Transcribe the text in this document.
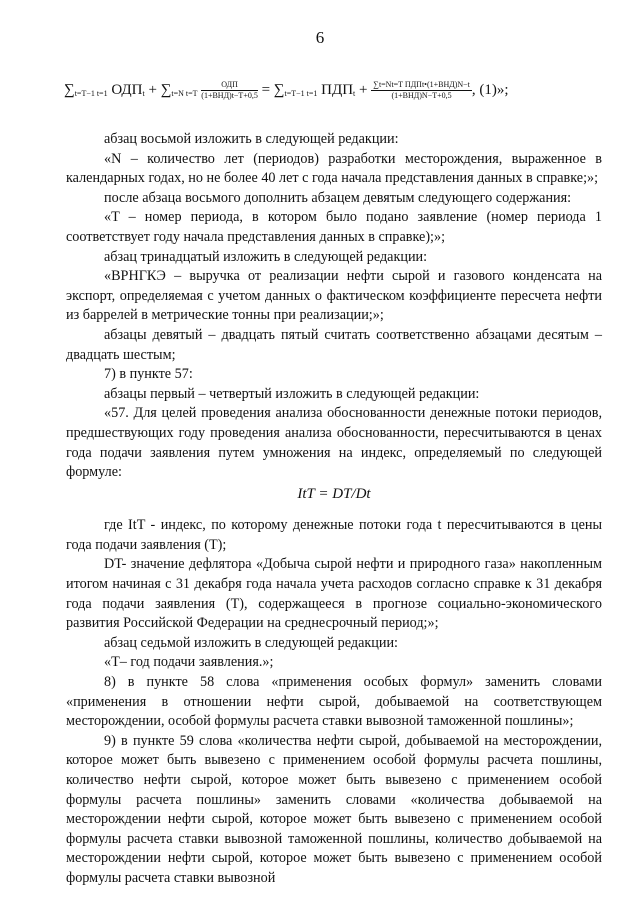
6
∑t=T−1 t=1 ОДПt + ∑t=N $t=T \frac{\text{ОДП}}{\text{(1+ВНД)t−T+0,5}} = \sum t=T-1$ t=1 ПДПt + $\frac{\text{∑t=Nt=T ПДПt•(1+ВНД)N−t}}{\text{(1+ВНД)N−T+0,5}}$ , (1)»;

абзац восьмой изложить в следующей редакции:

«N – количество лет (периодов) разработки месторождения, выраженное в календарных годах, но не более 40 лет с года начала представления данных в справке;»;

после абзаца восьмого дополнить абзацем девятым следующего содержания:

«T – номер периода, в котором было подано заявление (номер периода 1 соответствует году начала представления данных в справке);»;

абзац тринадцатый изложить в следующей редакции:

«ВРНГКЭ – выручка от реализации нефти сырой и газового конденсата на экспорт, определяемая с учетом данных о фактическом коэффициенте пересчета нефти из баррелей в метрические тонны при реализации;»;

абзацы девятый – двадцать пятый считать соответственно абзацами десятым –двадцать шестым;

7) в пункте 57:

абзацы первый – четвертый изложить в следующей редакции:

«57. Для целей проведения анализа обоснованности денежные потоки периодов, предшествующих году проведения анализа обоснованности, пересчитываются в ценах года подачи заявления путем умножения на индекс, определяемый по следующей формуле:

ItT = DT/Dt

где ItT - индекс, по которому денежные потоки года t пересчитываются в цены года подачи заявления (T);

DT- значение дефлятора «Добыча сырой нефти и природного газа» накопленным итогом начиная с 31 декабря года начала учета расходов согласно справке к 31 декабря года подачи заявления (T), содержащееся в прогнозе социально-экономического развития Российской Федерации на среднесрочный период;»;

абзац седьмой изложить в следующей редакции:

«T– год подачи заявления.»;

8) в пункте 58 слова «применения особых формул» заменить словами «применения в отношении нефти сырой, добываемой на соответствующем месторождении, особой формулы расчета ставки вывозной таможенной пошлины»;

9) в пункте 59 слова «количества нефти сырой, добываемой на месторождении, которое может быть вывезено с применением особой формулы расчета пошлины, количество нефти сырой, которое может быть вывезено с применением особой формулы расчета пошлины» заменить словами «количества добываемой на месторождении нефти сырой, которое может быть вывезено с применением особой формулы расчета ставки вывозной таможенной пошлины, количество добываемой на месторождении нефти сырой, которое может быть вывезено с применением особой формулы расчета ставки вывозной
